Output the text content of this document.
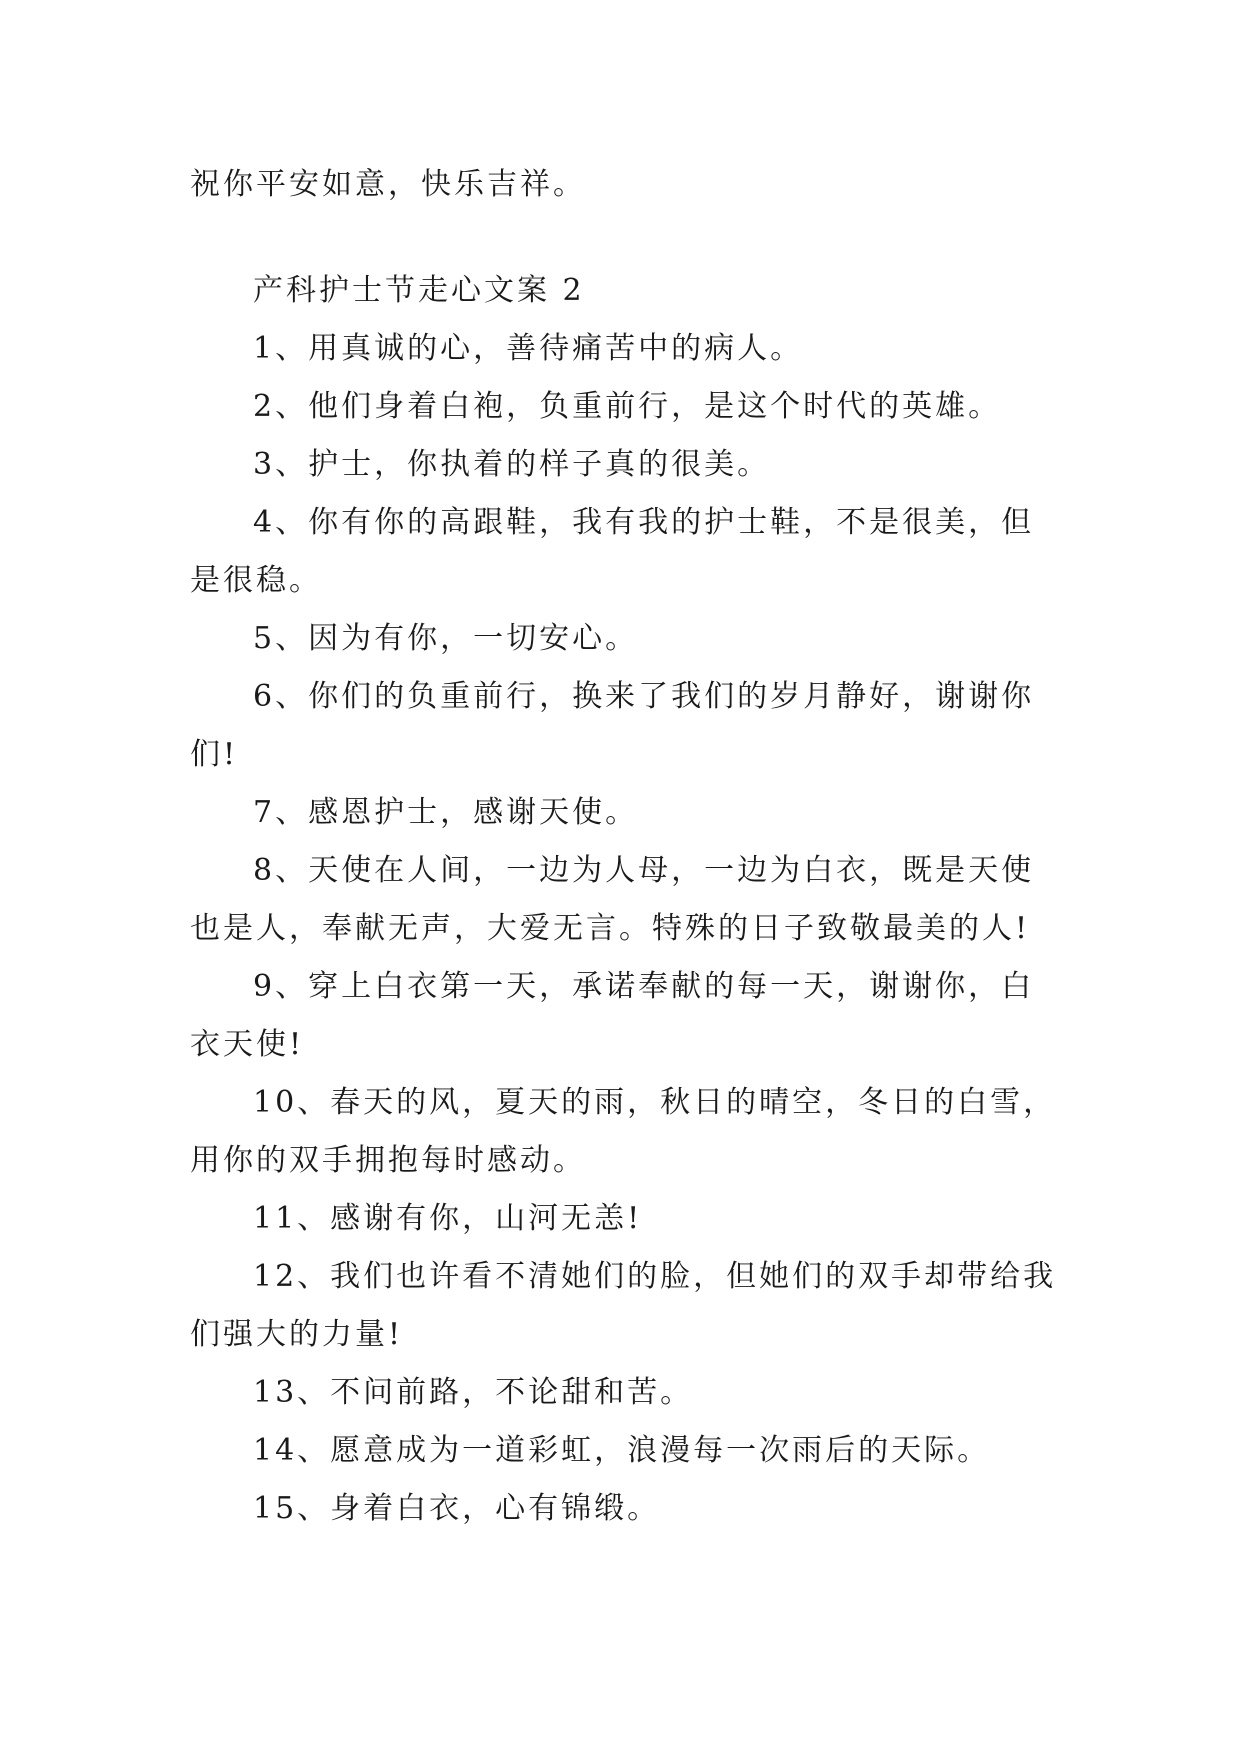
祝你平安如意，快乐吉祥。

产科护士节走心文案 2

1、用真诚的心，善待痛苦中的病人。

2、他们身着白袍，负重前行，是这个时代的英雄。

3、护士，你执着的样子真的很美。

4、你有你的高跟鞋，我有我的护士鞋，不是很美，但

是很稳。

5、因为有你，一切安心。

6、你们的负重前行，换来了我们的岁月静好，谢谢你

们!

7、感恩护士，感谢天使。

8、天使在人间，一边为人母，一边为白衣，既是天使

也是人，奉献无声，大爱无言。特殊的日子致敬最美的人!

9、穿上白衣第一天，承诺奉献的每一天，谢谢你，白

衣天使!

10、春天的风，夏天的雨，秋日的晴空，冬日的白雪，

用你的双手拥抱每时感动。

11、感谢有你，山河无恙!

12、我们也许看不清她们的脸，但她们的双手却带给我

们强大的力量!

13、不问前路，不论甜和苦。

14、愿意成为一道彩虹，浪漫每一次雨后的天际。

15、身着白衣，心有锦缎。
